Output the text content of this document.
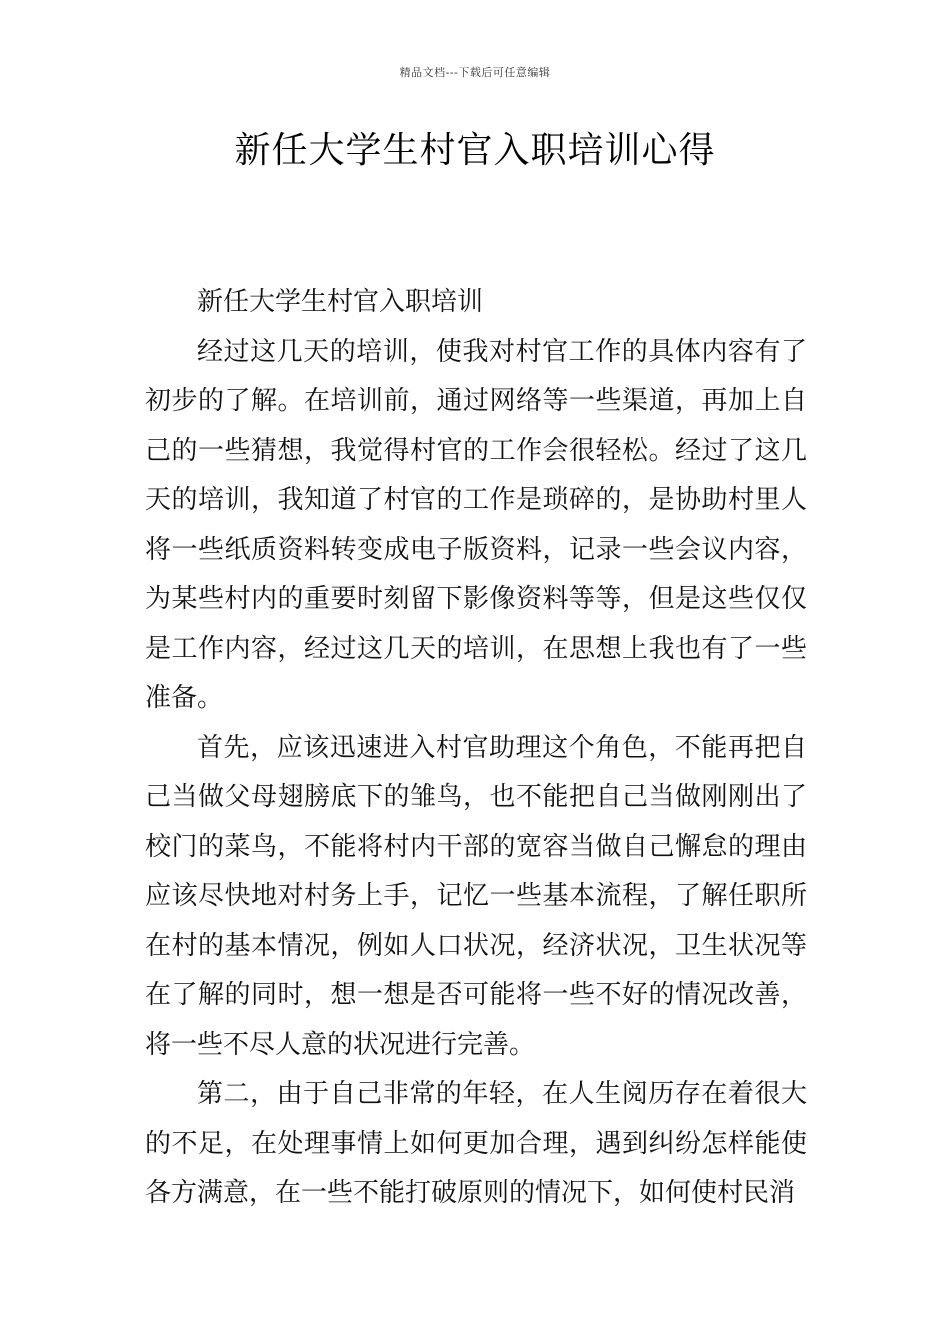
精品文档---下载后可任意编辑
新任大学生村官入职培训心得

新任大学生村官入职培训

经过这几天的培训，使我对村官工作的具体内容有了初步的了解。在培训前，通过网络等一些渠道，再加上自己的一些猜想，我觉得村官的工作会很轻松。经过了这几天的培训，我知道了村官的工作是琐碎的，是协助村里人将一些纸质资料转变成电子版资料，记录一些会议内容，为某些村内的重要时刻留下影像资料等等，但是这些仅仅是工作内容，经过这几天的培训，在思想上我也有了一些准备。

首先，应该迅速进入村官助理这个角色，不能再把自己当做父母翅膀底下的雏鸟，也不能把自己当做刚刚出了校门的菜鸟，不能将村内干部的宽容当做自己懈怠的理由应该尽快地对村务上手，记忆一些基本流程，了解任职所在村的基本情况，例如人口状况，经济状况，卫生状况等在了解的同时，想一想是否可能将一些不好的情况改善，将一些不尽人意的状况进行完善。

第二，由于自己非常的年轻，在人生阅历存在着很大的不足，在处理事情上如何更加合理，遇到纠纷怎样能使各方满意，在一些不能打破原则的情况下，如何使村民消
